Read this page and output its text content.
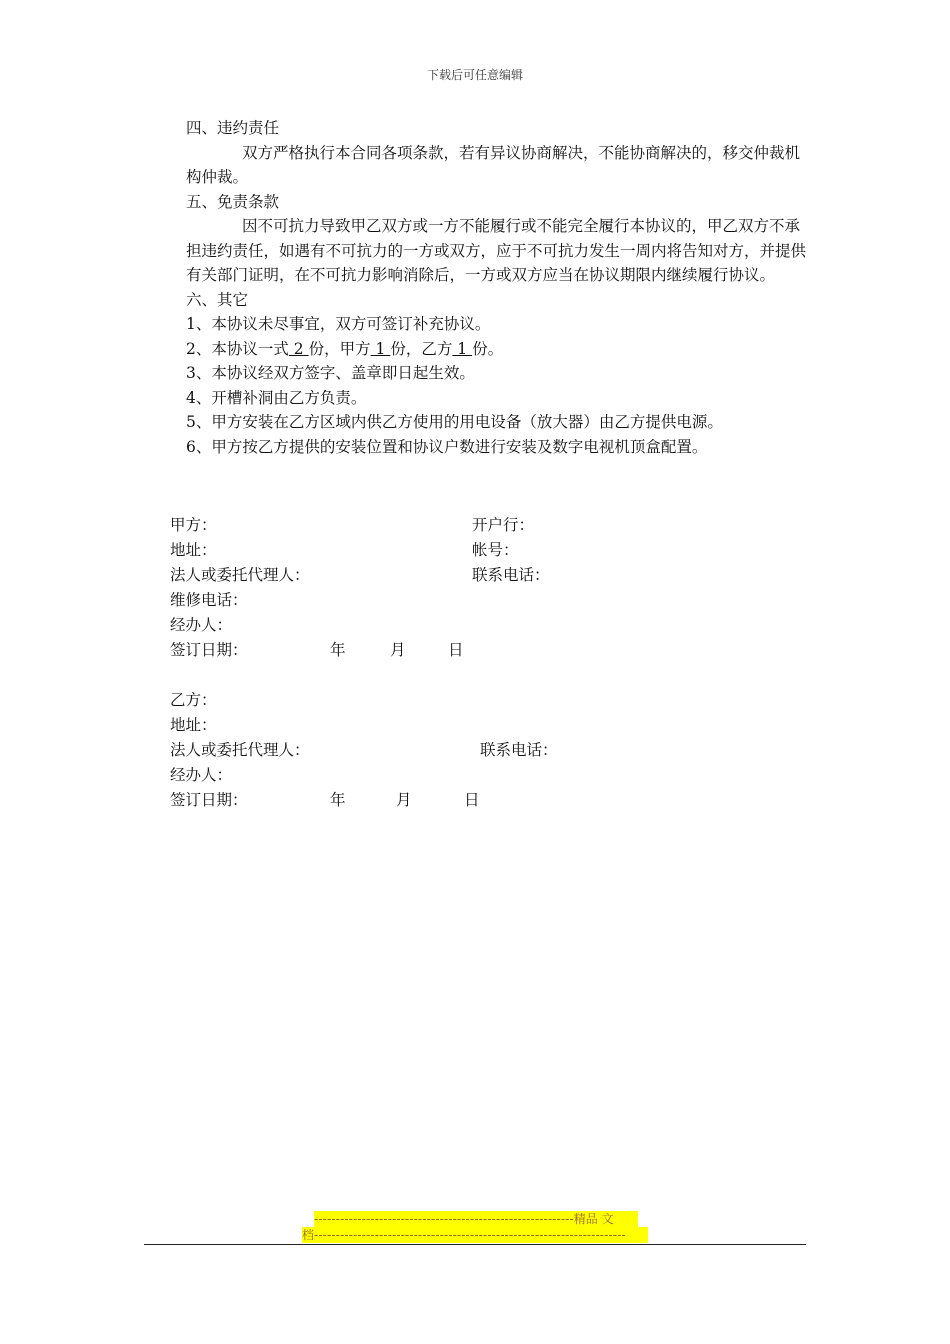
下载后可任意编辑

四、违约责任

双方严格执行本合同各项条款，若有异议协商解决，不能协商解决的，移交仲裁机构仲裁。

五、免责条款

因不可抗力导致甲乙双方或一方不能履行或不能完全履行本协议的，甲乙双方不承担违约责任，如遇有不可抗力的一方或双方，应于不可抗力发生一周内将告知对方，并提供有关部门证明，在不可抗力影响消除后，一方或双方应当在协议期限内继续履行协议。

六、其它

1、本协议未尽事宜，双方可签订补充协议。

2、本协议一式 2 份，甲方 1 份，乙方 1 份。

3、本协议经双方签字、盖章即日起生效。

4、开槽补洞由乙方负责。

5、甲方安装在乙方区域内供乙方使用的用电设备（放大器）由乙方提供电源。

6、甲方按乙方提供的安装位置和协议户数进行安装及数字电视机顶盒配置。

甲方：	开户行：
地址：	帐号：
法人或委托代理人：	联系电话：
维修电话：
经办人：
签订日期：	年	月	日
乙方：
地址：
法人或委托代理人：	联系电话：
经办人：
签订日期：	年	月	日
------------------------------------------------------------精品 文
档------------------------------------------------------------------------
